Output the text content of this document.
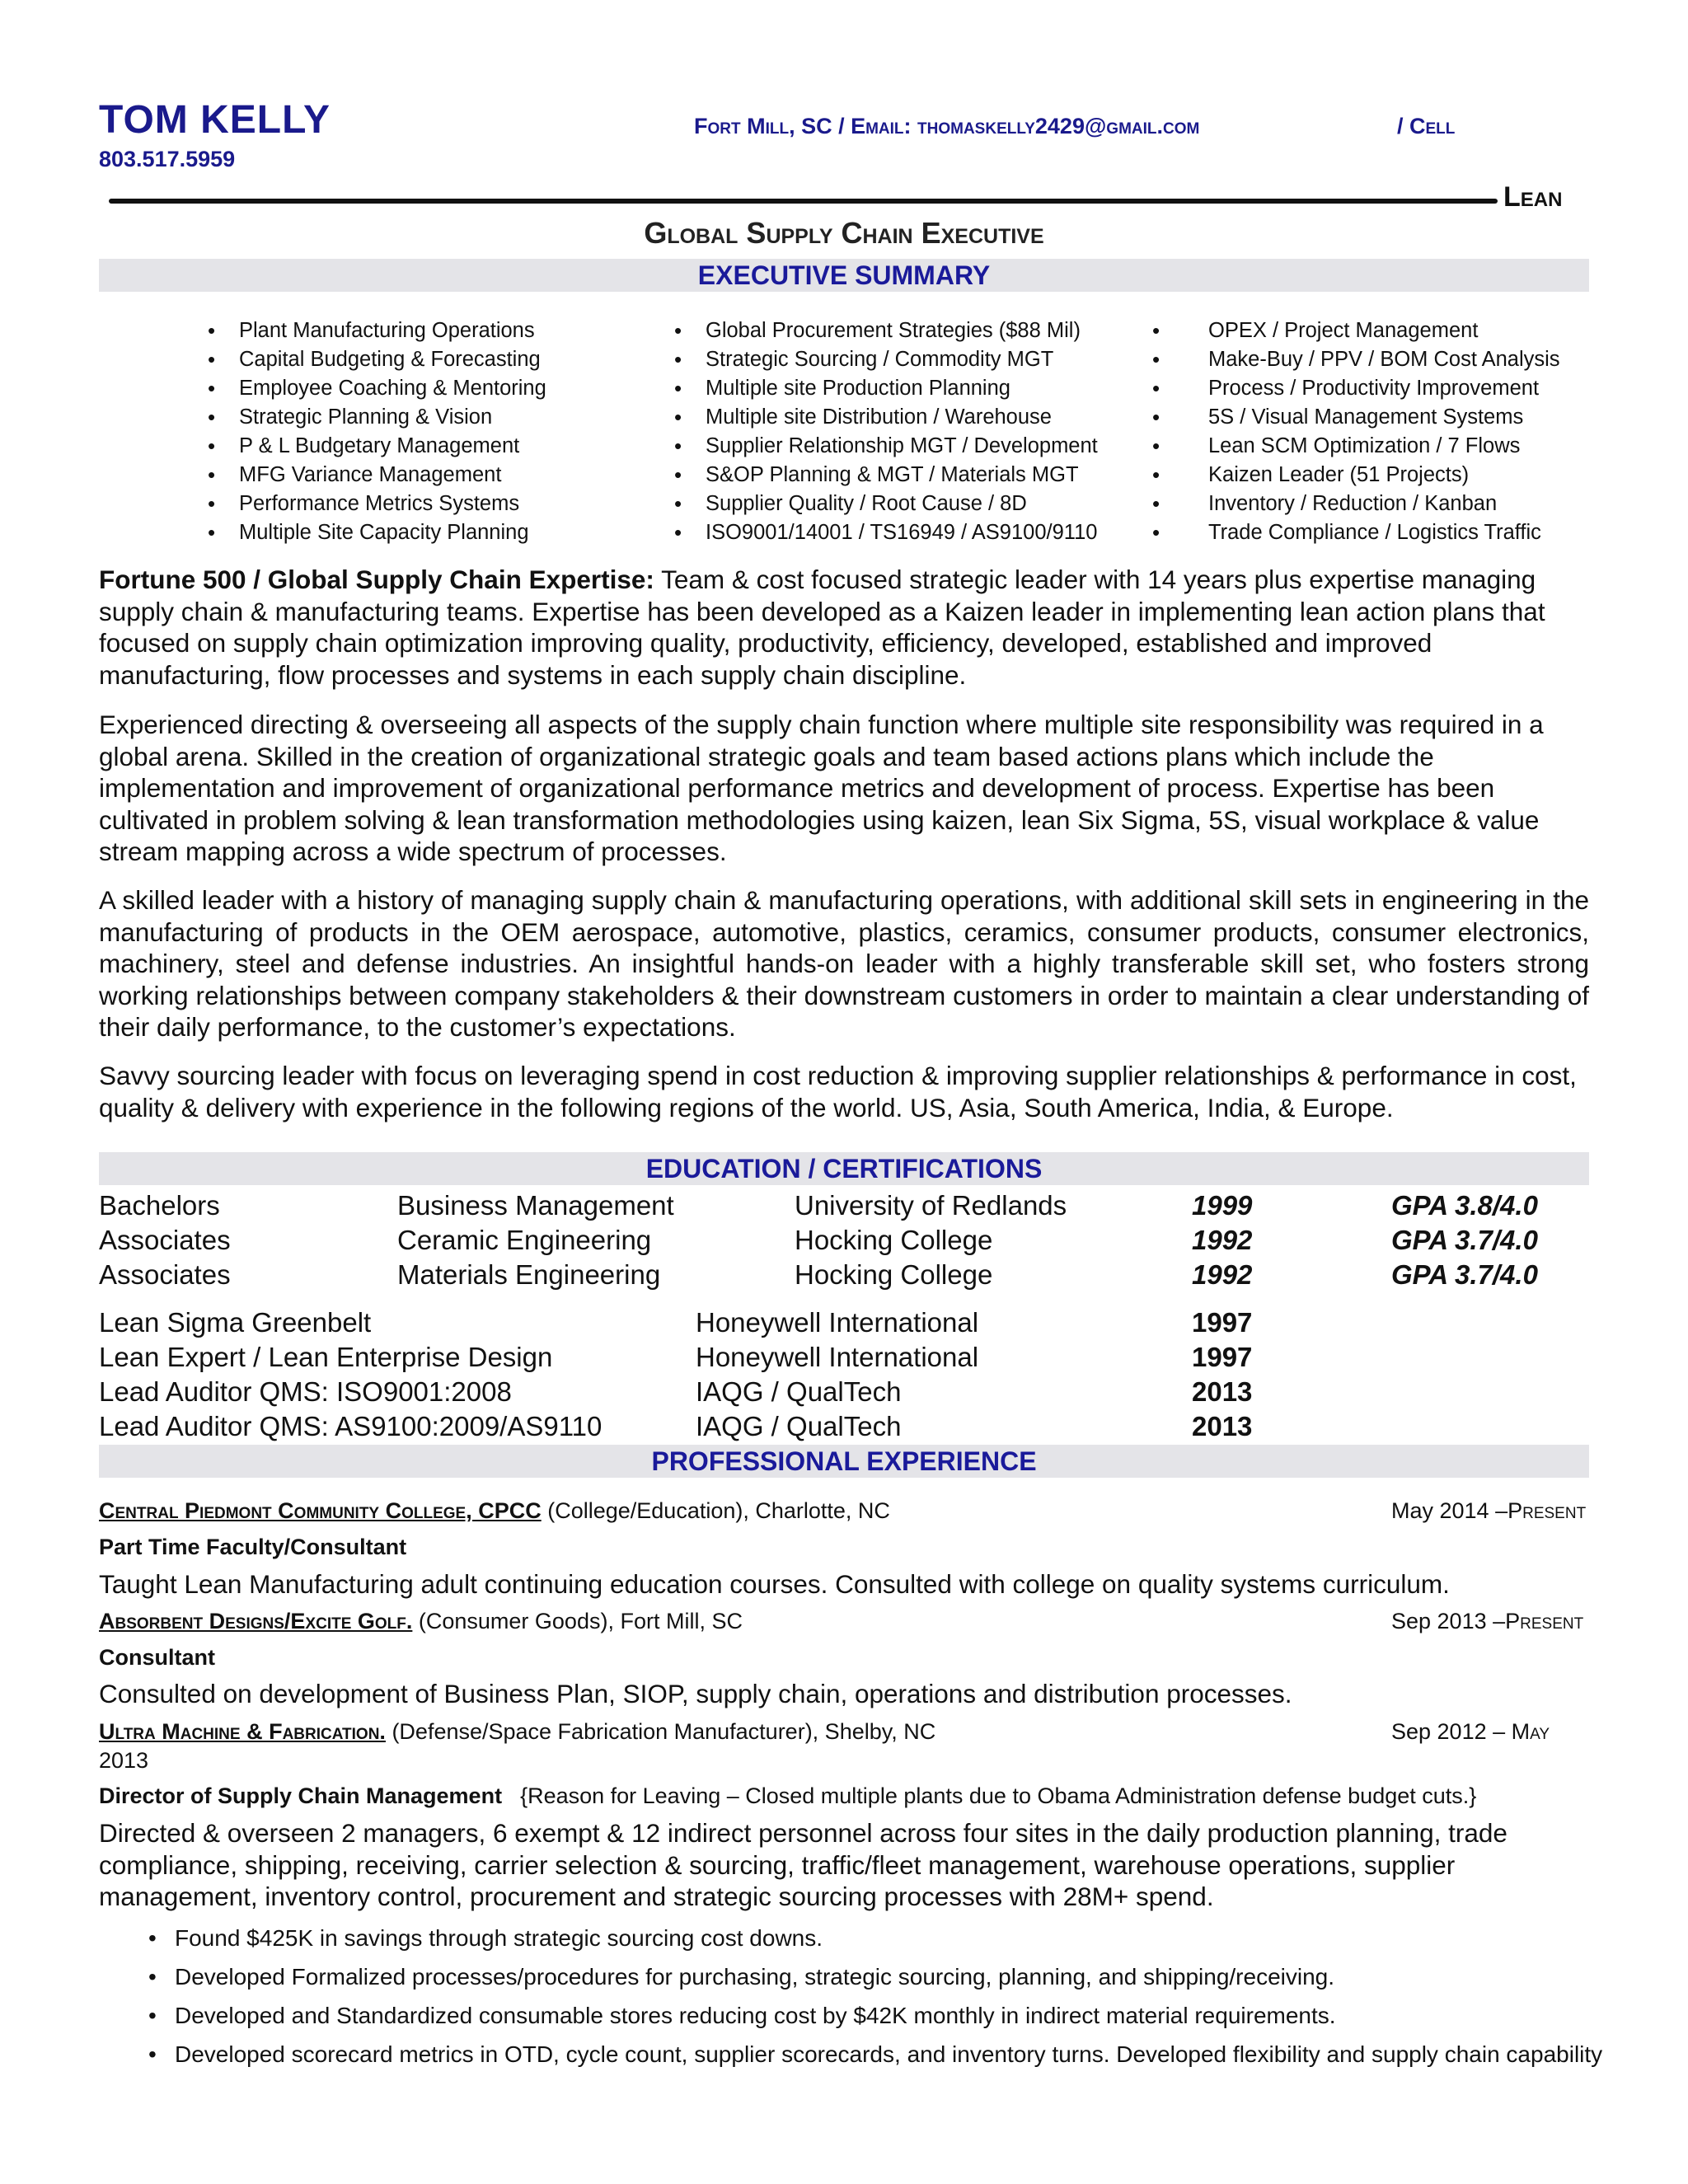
TOM KELLY
803.517.5959
Fort Mill, SC / Email: thomaskelly2429@gmail.com	/ Cell
Lean
Global Supply Chain Executive
EXECUTIVE SUMMARY
• Plant Manufacturing Operations
• Capital Budgeting & Forecasting
• Employee Coaching & Mentoring
• Strategic Planning & Vision
• P & L Budgetary Management
• MFG Variance Management
• Performance Metrics Systems
• Multiple Site Capacity Planning
• Global Procurement Strategies ($88 Mil)
• Strategic Sourcing / Commodity MGT
• Multiple site Production Planning
• Multiple site Distribution / Warehouse
• Supplier Relationship MGT / Development
• S&OP Planning & MGT / Materials MGT
• Supplier Quality / Root Cause / 8D
• ISO9001/14001 / TS16949 / AS9100/9110
• OPEX / Project Management
• Make-Buy / PPV / BOM Cost Analysis
• Process / Productivity Improvement
• 5S / Visual Management Systems
• Lean SCM Optimization / 7 Flows
• Kaizen Leader (51 Projects)
• Inventory / Reduction / Kanban
• Trade Compliance / Logistics Traffic

Fortune 500 / Global Supply Chain Expertise: Team & cost focused strategic leader with 14 years plus expertise managing supply chain & manufacturing teams. Expertise has been developed as a Kaizen leader in implementing lean action plans that focused on supply chain optimization improving quality, productivity, efficiency, developed, established and improved manufacturing, flow processes and systems in each supply chain discipline.

Experienced directing & overseeing all aspects of the supply chain function where multiple site responsibility was required in a global arena. Skilled in the creation of organizational strategic goals and team based actions plans which include the implementation and improvement of organizational performance metrics and development of process. Expertise has been cultivated in problem solving & lean transformation methodologies using kaizen, lean Six Sigma, 5S, visual workplace & value stream mapping across a wide spectrum of processes.

A skilled leader with a history of managing supply chain & manufacturing operations, with additional skill sets in engineering in the manufacturing of products in the OEM aerospace, automotive, plastics, ceramics, consumer products, consumer electronics, machinery, steel and defense industries. An insightful hands-on leader with a highly transferable skill set, who fosters strong working relationships between company stakeholders & their downstream customers in order to maintain a clear understanding of their daily performance, to the customer’s expectations.

Savvy sourcing leader with focus on leveraging spend in cost reduction & improving supplier relationships & performance in cost, quality & delivery with experience in the following regions of the world. US, Asia, South America, India, & Europe.

EDUCATION / CERTIFICATIONS
Bachelors	Business Management	University of Redlands	1999	GPA 3.8/4.0
Associates	Ceramic Engineering	Hocking College	1992	GPA 3.7/4.0
Associates	Materials Engineering	Hocking College	1992	GPA 3.7/4.0
Lean Sigma Greenbelt	Honeywell International	1997
Lean Expert / Lean Enterprise Design	Honeywell International	1997
Lead Auditor QMS: ISO9001:2008	IAQG / QualTech	2013
Lead Auditor QMS: AS9100:2009/AS9110	IAQG / QualTech	2013
PROFESSIONAL EXPERIENCE
Central Piedmont Community College, CPCC (College/Education), Charlotte, NC	May 2014 –Present
Part Time Faculty/Consultant

Taught Lean Manufacturing adult continuing education courses. Consulted with college on quality systems curriculum.

Absorbent Designs/Excite Golf. (Consumer Goods), Fort Mill, SC	Sep 2013 –Present
Consultant

Consulted on development of Business Plan, SIOP, supply chain, operations and distribution processes.

Ultra Machine & Fabrication. (Defense/Space Fabrication Manufacturer), Shelby, NC	Sep 2012 – May
2013
Director of Supply Chain Management {Reason for Leaving – Closed multiple plants due to Obama Administration defense budget cuts.}

Directed & overseen 2 managers, 6 exempt & 12 indirect personnel across four sites in the daily production planning, trade compliance, shipping, receiving, carrier selection & sourcing, traffic/fleet management, warehouse operations, supplier management, inventory control, procurement and strategic sourcing processes with 28M+ spend.

• Found $425K in savings through strategic sourcing cost downs.
• Developed Formalized processes/procedures for purchasing, strategic sourcing, planning, and shipping/receiving.
• Developed and Standardized consumable stores reducing cost by $42K monthly in indirect material requirements.
• Developed scorecard metrics in OTD, cycle count, supplier scorecards, and inventory turns. Developed flexibility and supply chain capability
